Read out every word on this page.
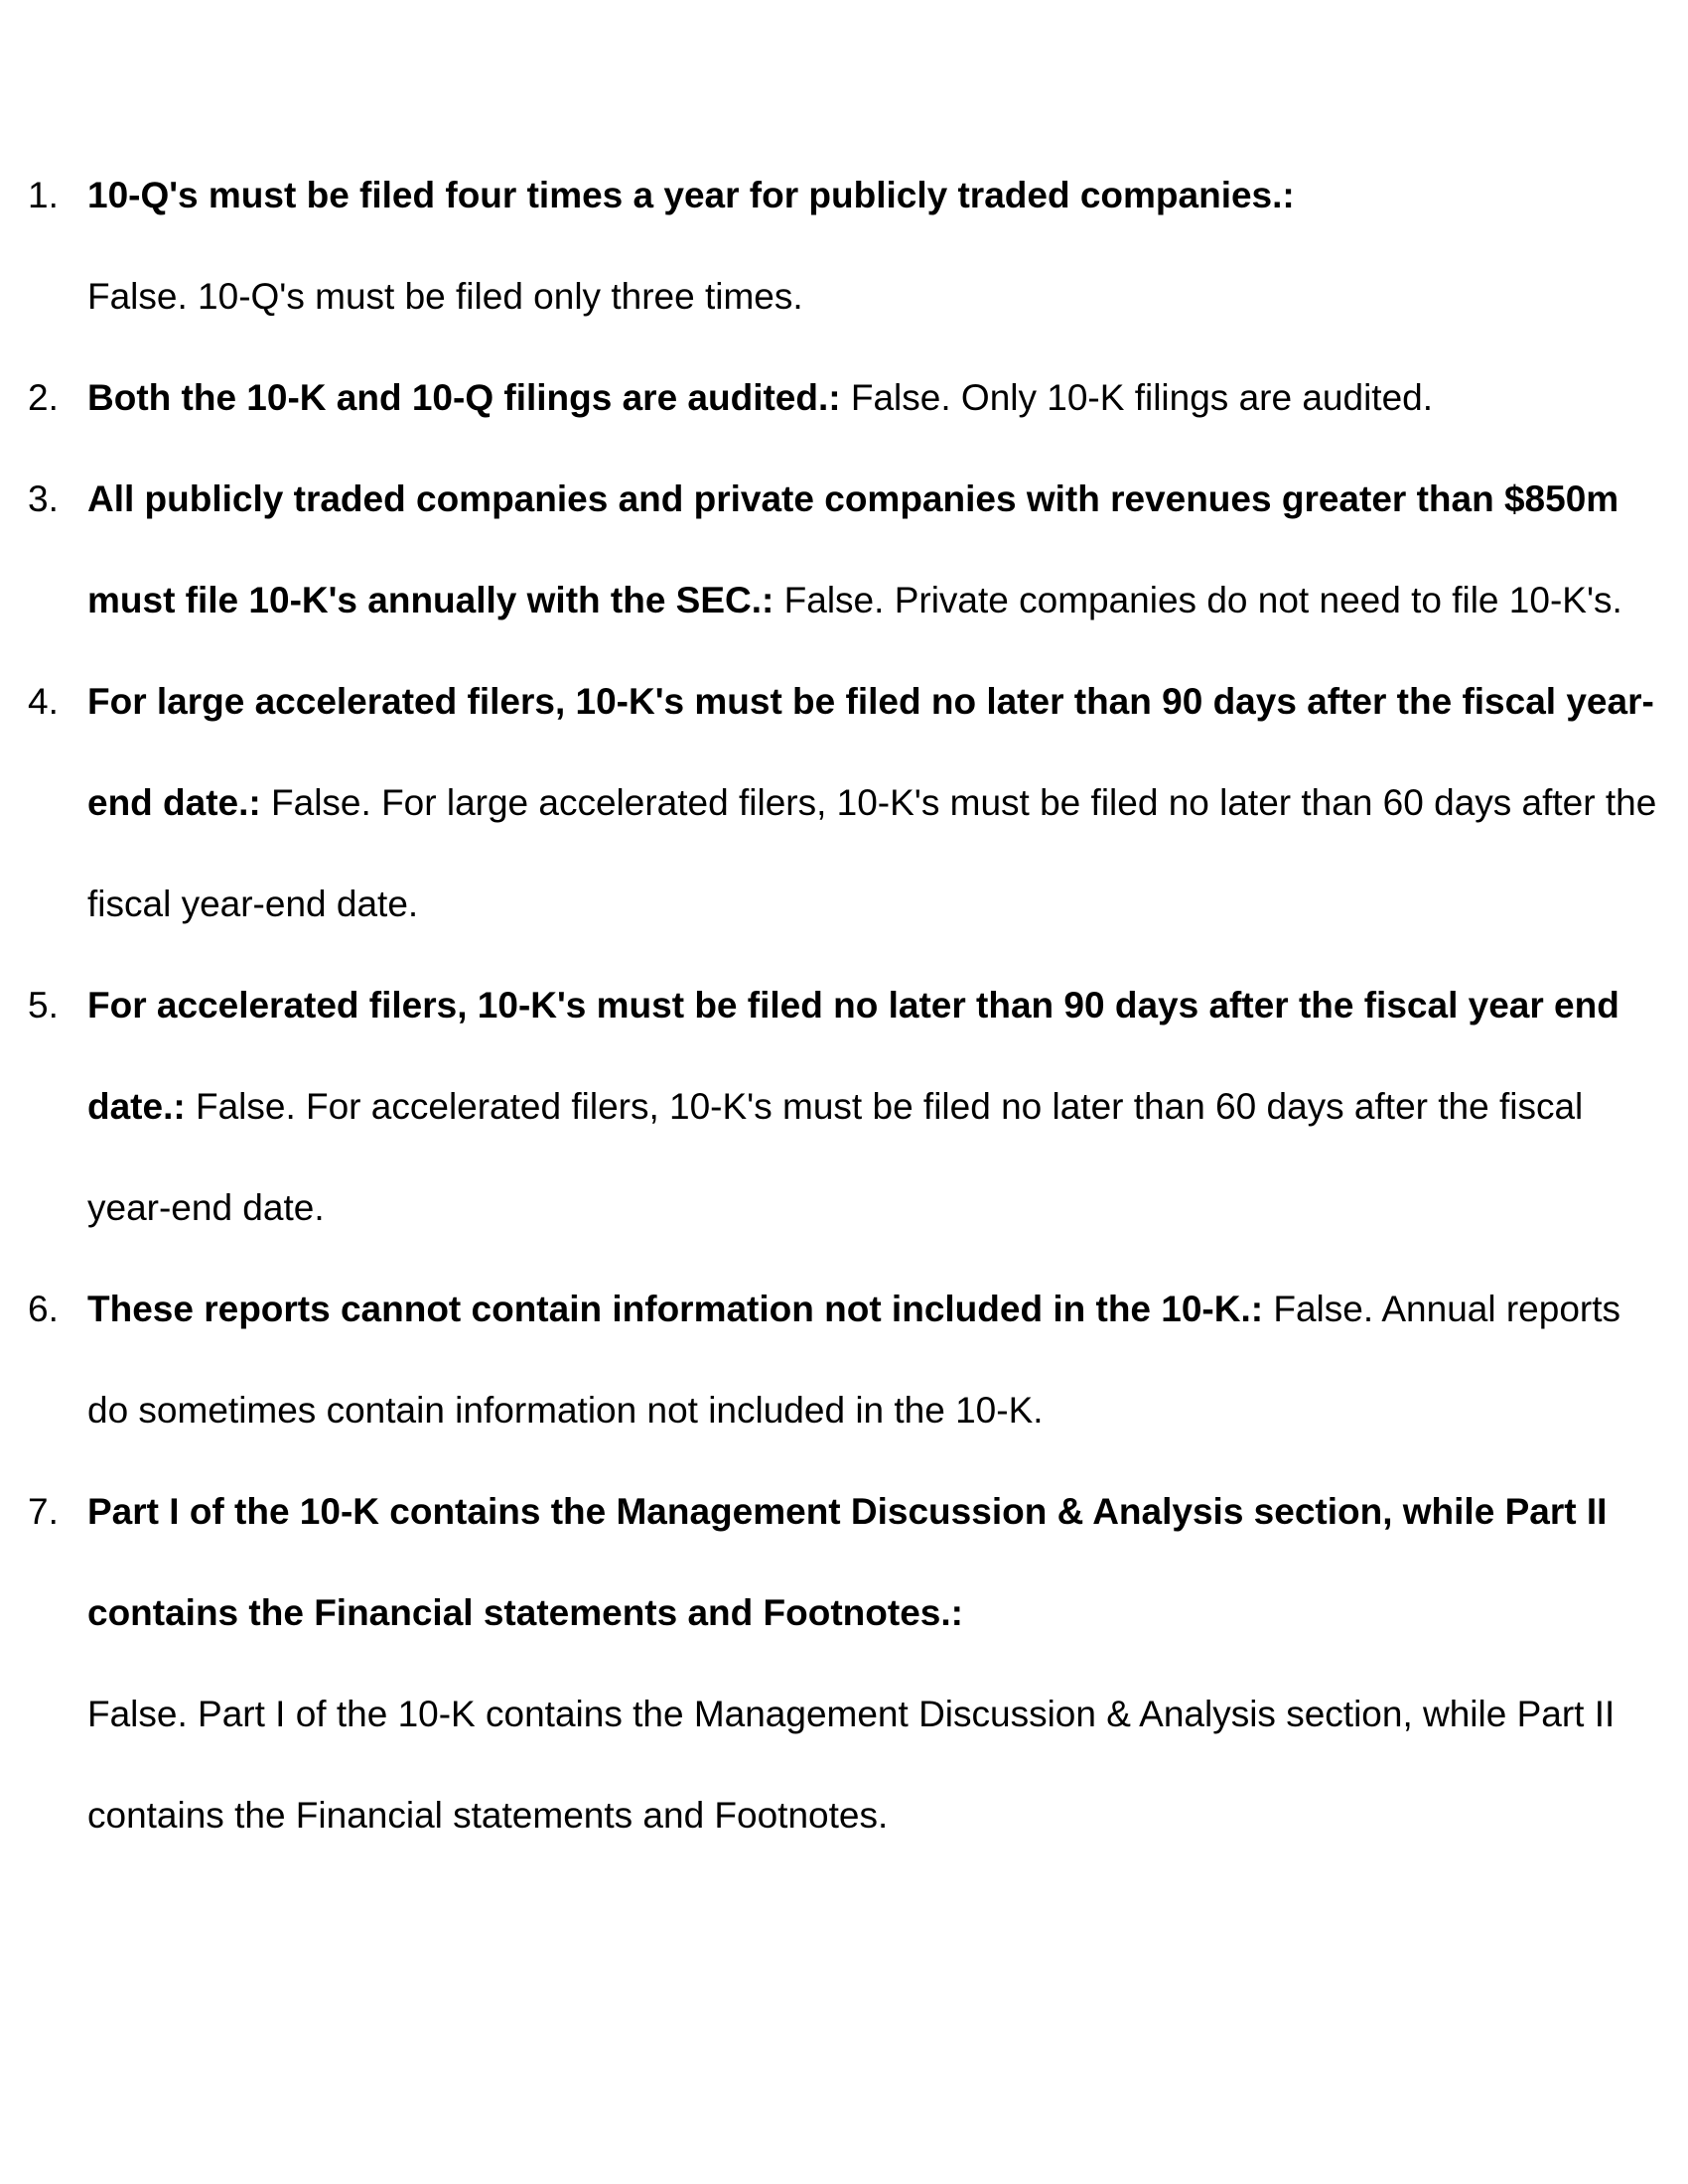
1. 10-Q's must be filed four times a year for publicly traded companies.:
False. 10-Q's must be filed only three times.
2. Both the 10-K and 10-Q filings are audited.: False. Only 10-K filings are audited.
3. All publicly traded companies and private companies with revenues greater than $850m must file 10-K's annually with the SEC.: False. Private companies do not need to file 10-K's.
4. For large accelerated filers, 10-K's must be filed no later than 90 days after the fiscal year-end date.: False. For large accelerated filers, 10-K's must be filed no later than 60 days after the fiscal year-end date.
5. For accelerated filers, 10-K's must be filed no later than 90 days after the fiscal year end date.: False. For accelerated filers, 10-K's must be filed no later than 60 days after the fiscal year-end date.
6. These reports cannot contain information not included in the 10-K.: False. Annual reports do sometimes contain information not included in the 10-K.
7. Part I of the 10-K contains the Management Discussion & Analysis section, while Part II contains the Financial statements and Footnotes.:
False. Part I of the 10-K contains the Management Discussion & Analysis section, while Part II contains the Financial statements and Footnotes.
